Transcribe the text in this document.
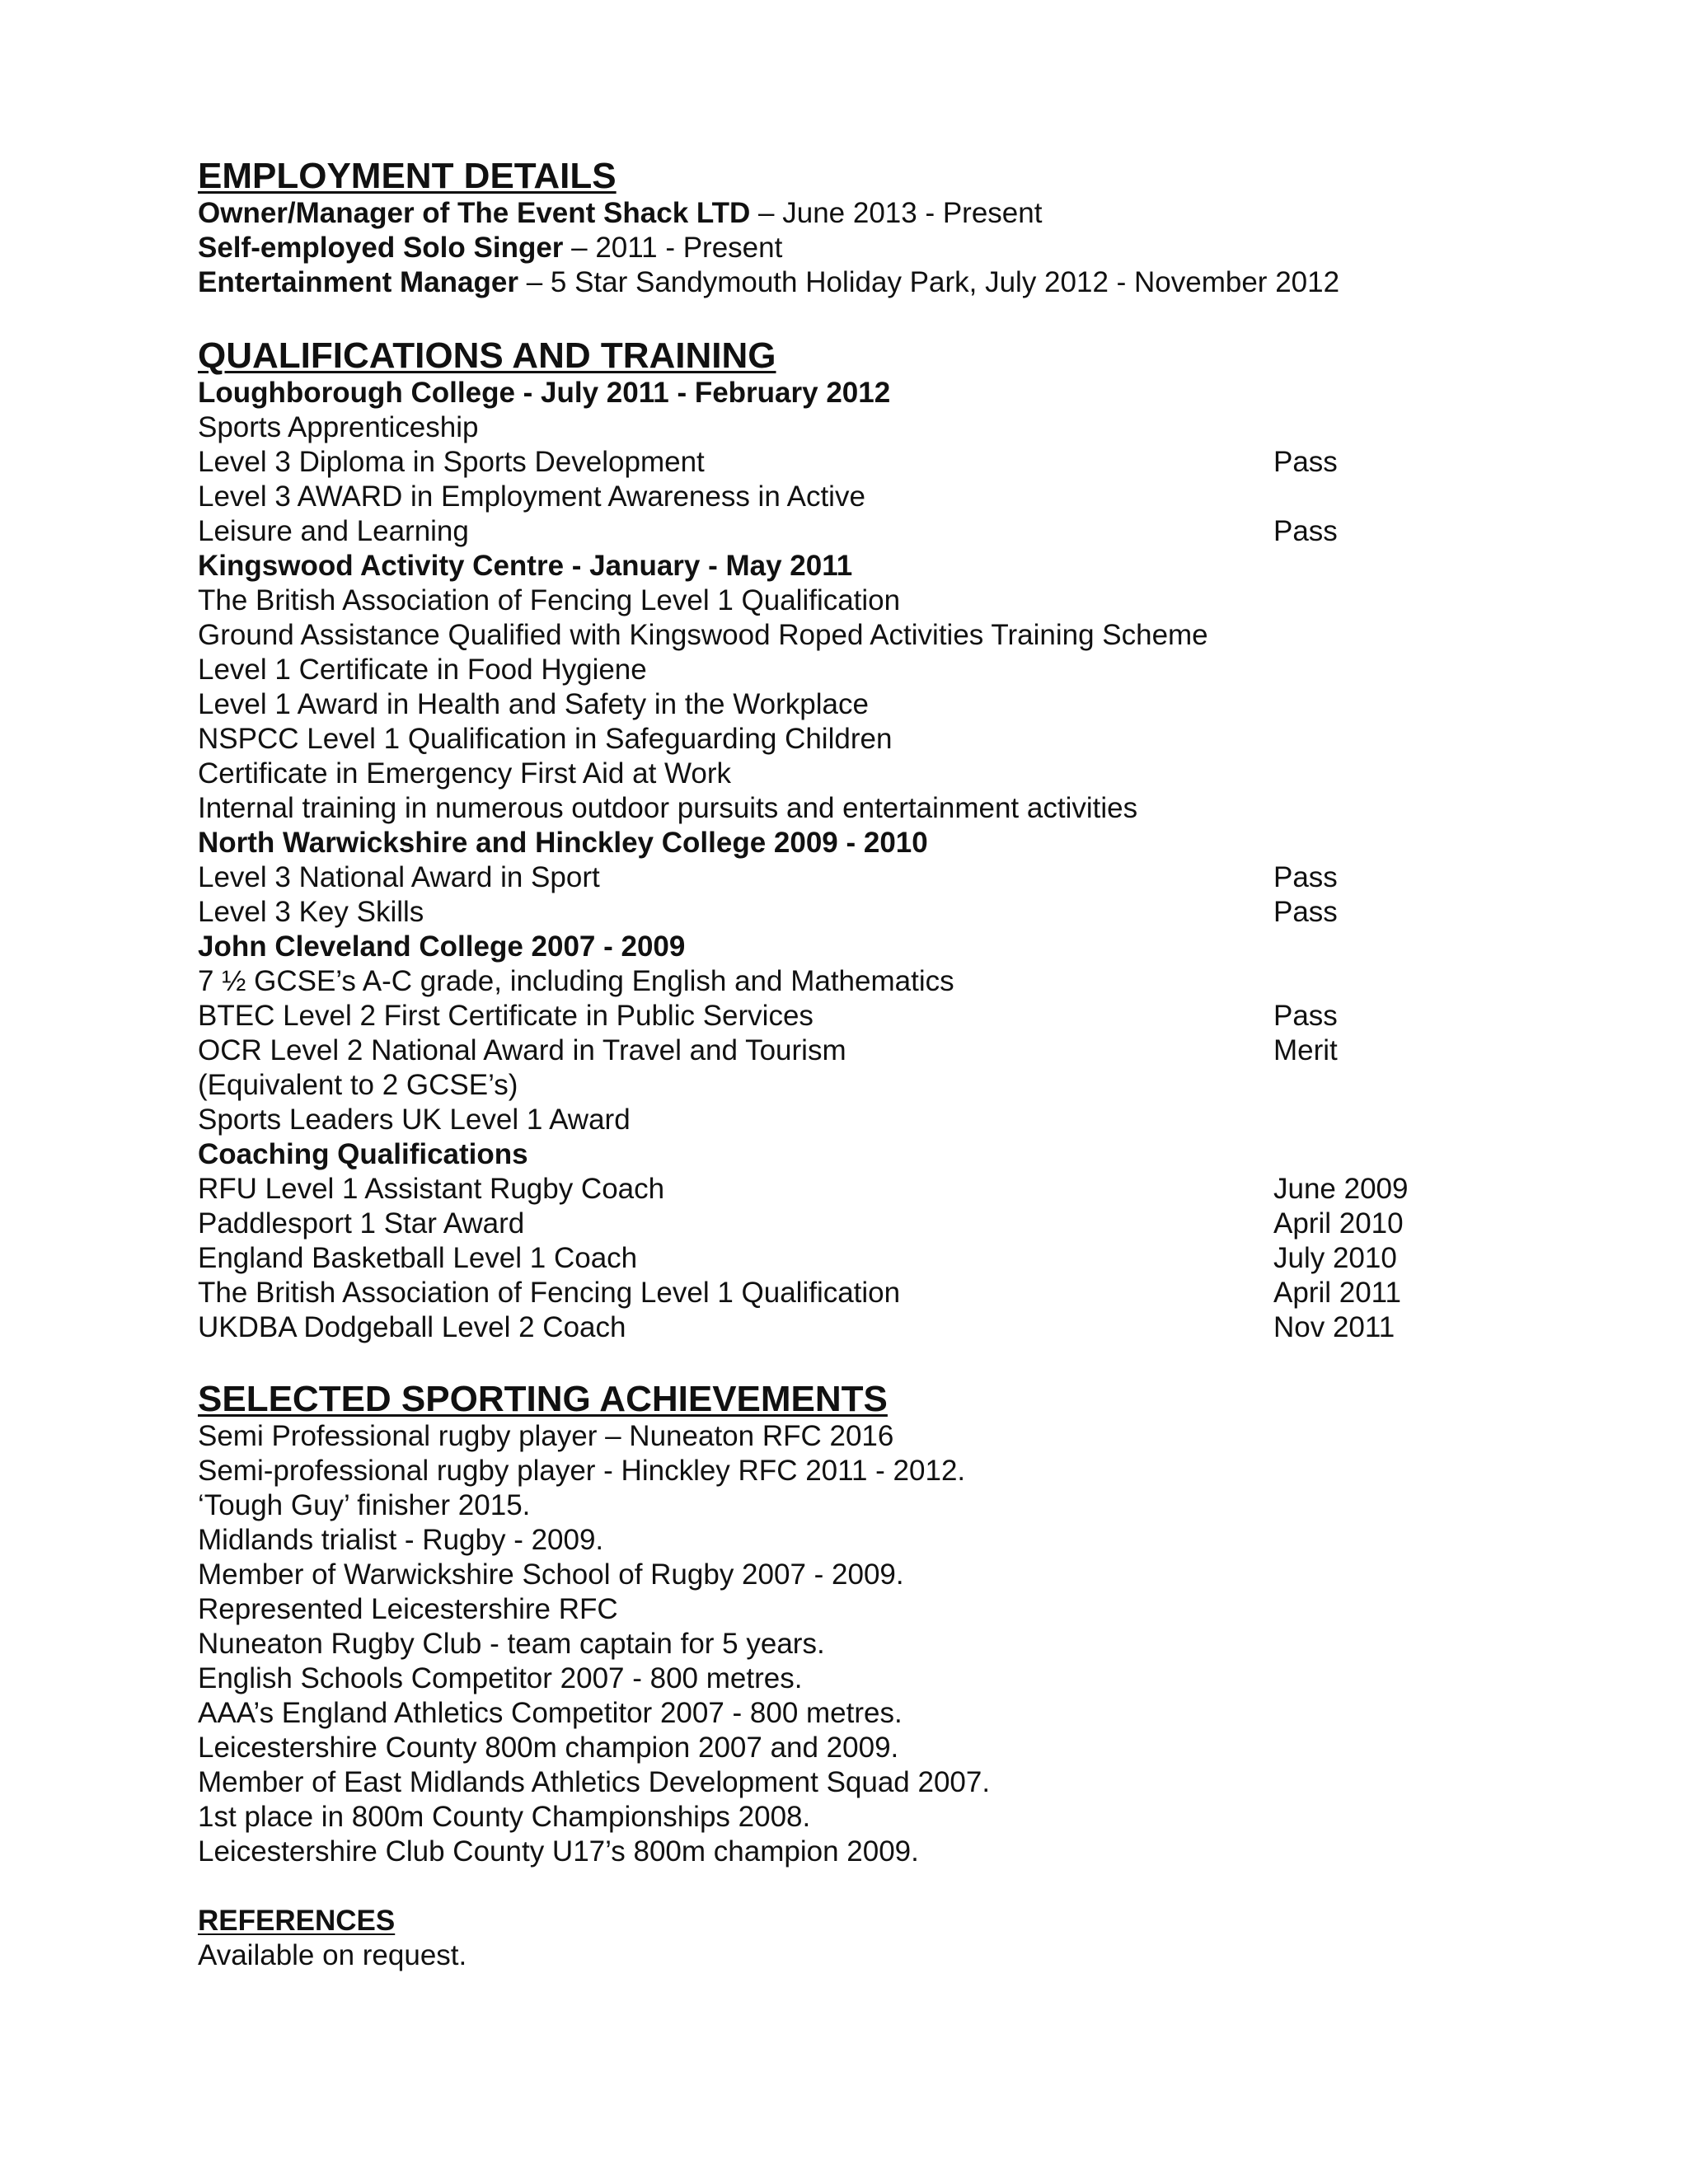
EMPLOYMENT DETAILS
Owner/Manager of The Event Shack LTD – June 2013 - Present
Self-employed Solo Singer – 2011 - Present
Entertainment Manager – 5 Star Sandymouth Holiday Park, July 2012 - November 2012
QUALIFICATIONS AND TRAINING
Loughborough College - July 2011 - February 2012
Sports Apprenticeship
Level 3 Diploma in Sports Development	Pass
Level 3 AWARD in Employment Awareness in Active
Leisure and Learning	Pass
Kingswood Activity Centre - January - May 2011
The British Association of Fencing Level 1 Qualification
Ground Assistance Qualified with Kingswood Roped Activities Training Scheme
Level 1 Certificate in Food Hygiene
Level 1 Award in Health and Safety in the Workplace
NSPCC Level 1 Qualification in Safeguarding Children
Certificate in Emergency First Aid at Work
Internal training in numerous outdoor pursuits and entertainment activities
North Warwickshire and Hinckley College 2009 - 2010
Level 3 National Award in Sport	Pass
Level 3 Key Skills	Pass
John Cleveland College 2007 - 2009
7 ½ GCSE’s A-C grade, including English and Mathematics
BTEC Level 2 First Certificate in Public Services	Pass
OCR Level 2 National Award in Travel and Tourism	Merit
(Equivalent to 2 GCSE’s)
Sports Leaders UK Level 1 Award
Coaching Qualifications
RFU Level 1 Assistant Rugby Coach	June 2009
Paddlesport 1 Star Award	April 2010
England Basketball Level 1 Coach	July 2010
The British Association of Fencing Level 1 Qualification	April 2011
UKDBA Dodgeball Level 2 Coach	Nov 2011
SELECTED SPORTING ACHIEVEMENTS
Semi Professional rugby player – Nuneaton RFC 2016
Semi-professional rugby player - Hinckley RFC 2011 - 2012.
‘Tough Guy’ finisher 2015.
Midlands trialist - Rugby - 2009.
Member of Warwickshire School of Rugby 2007 - 2009.
Represented Leicestershire RFC
Nuneaton Rugby Club - team captain for 5 years.
English Schools Competitor 2007 - 800 metres.
AAA’s England Athletics Competitor 2007 - 800 metres.
Leicestershire County 800m champion 2007 and 2009.
Member of East Midlands Athletics Development Squad 2007.
1st place in 800m County Championships 2008.
Leicestershire Club County U17’s 800m champion 2009.
REFERENCES
Available on request.
